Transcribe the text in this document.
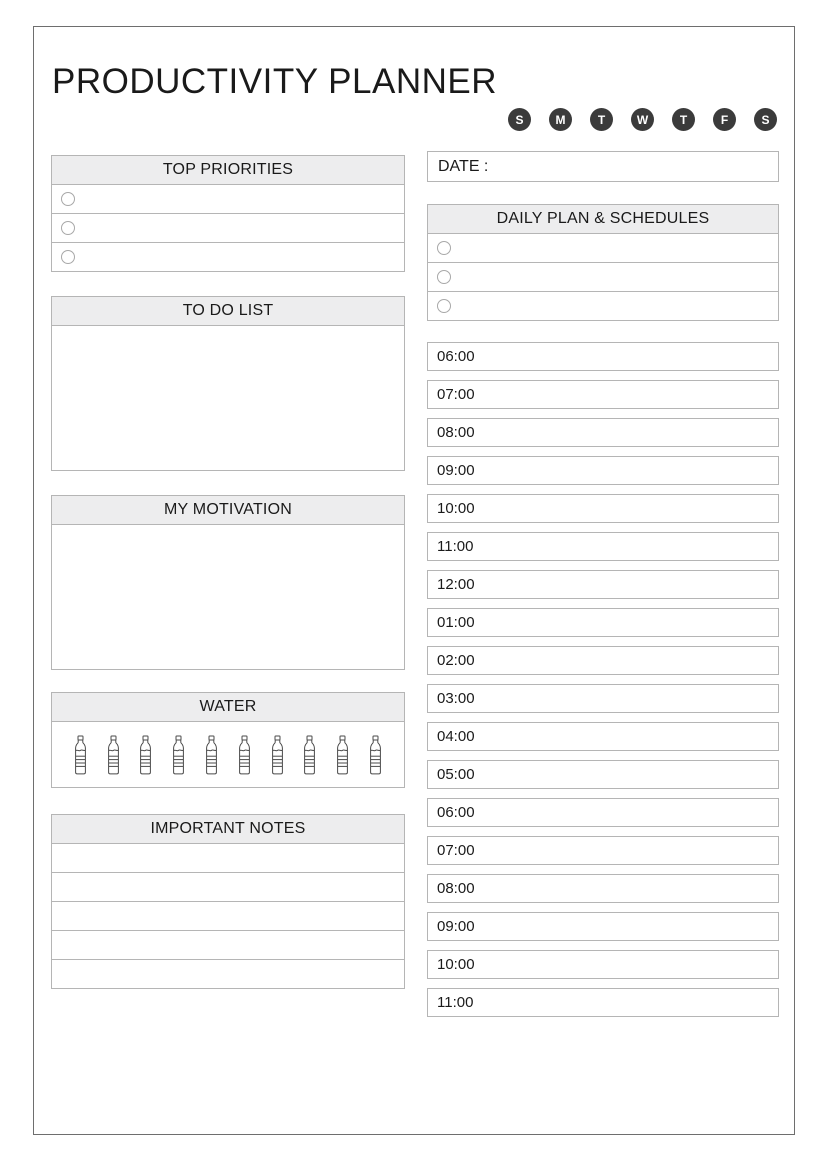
PRODUCTIVITY PLANNER
S	M	T	W	T	F	S
TOP PRIORITIES
TO DO LIST
MY MOTIVATION
WATER
IMPORTANT NOTES
DATE :
DAILY PLAN & SCHEDULES
06:00
07:00
08:00
09:00
10:00
11:00
12:00
01:00
02:00
03:00
04:00
05:00
06:00
07:00
08:00
09:00
10:00
11:00
